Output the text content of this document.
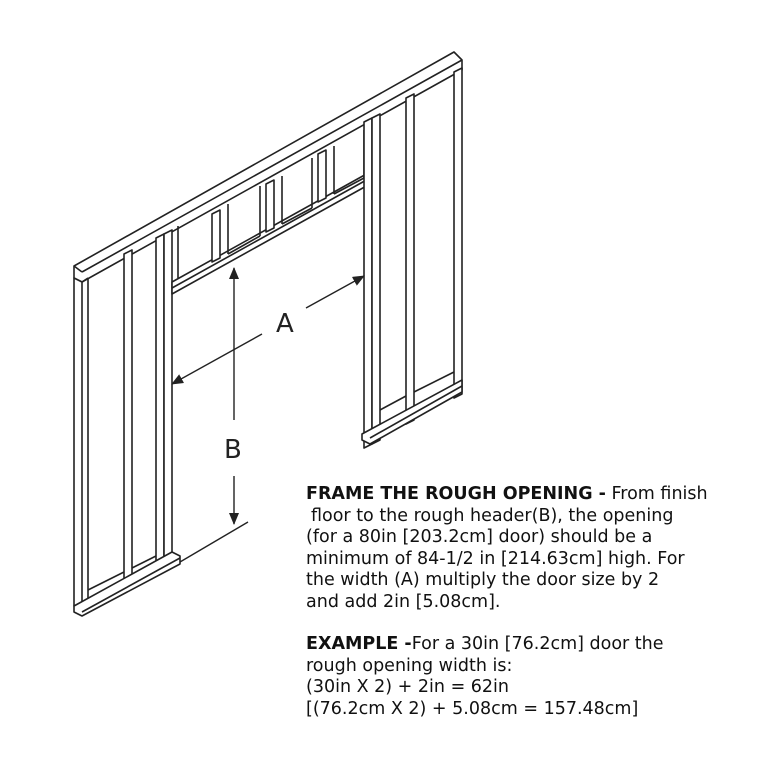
B
A

FRAME THE ROUGH OPENING - From finish
floor to the rough header(B), the opening
(for a 80in [203.2cm] door) should be a
minimum of 84-1/2 in [214.63cm] high. For
the width (A) multiply the door size by 2
and add 2in [5.08cm].

EXAMPLE -For a 30in [76.2cm] door the
rough opening width is:
(30in X 2) + 2in = 62in
[(76.2cm X 2) + 5.08cm = 157.48cm]
